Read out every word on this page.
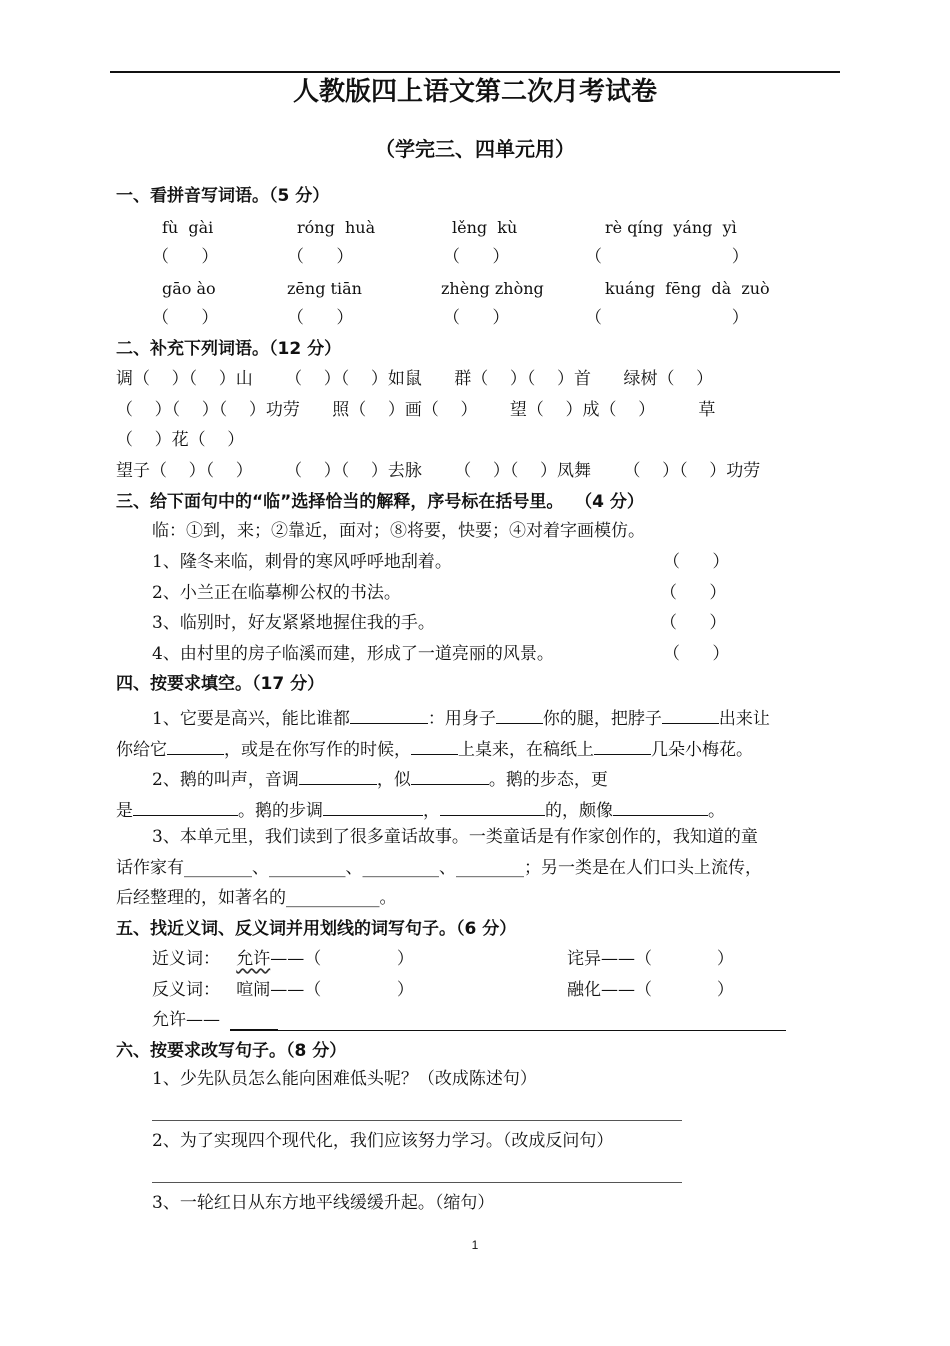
人教版四上语文第二次月考试卷
（学完三、四单元用）
一、看拼音写词语。（5 分）
fù  gài	róng  huà	lěng  kù	rè qíng  yáng  yì
（      ）	（      ）	（      ）	（                        ）
gāo ào	zēng tiān	zhèng zhòng	kuáng  fēng  dà  zuò
（      ）	（      ）	（      ）	（                        ）
二、补充下列词语。（12 分）
调（    ）（    ）山      （    ）（    ）如鼠      群（    ）（    ）首      绿树（    ）
（    ）（    ）（    ）功劳      照（    ）画（    ）      望（    ）成（    ）        草
（    ）花（    ）
望子（    ）（    ）      （    ）（    ）去脉      （    ）（    ）凤舞      （    ）（    ）功劳
三、给下面句中的“临”选择恰当的解释，序号标在括号里。  （4 分）
临：①到，来；②靠近，面对；⑧将要，快要；④对着字画模仿。
1、隆冬来临，刺骨的寒风呼呼地刮着。	（      ）
2、小兰正在临摹柳公权的书法。	（      ）
3、临别时，好友紧紧地握住我的手。	（      ）
4、由村里的房子临溪而建，形成了一道亮丽的风景。	（      ）
四、按要求填空。（17 分）
1、它要是高兴，能比谁都	：用身子	你的腿，把脖子	出来让
你给它	，或是在你写作的时候，	上桌来，在稿纸上	几朵小梅花。
2、鹅的叫声，音调	，似	。鹅的步态，更
是	。鹅的步调	，	的，颇像	。
3、本单元里，我们读到了很多童话故事。一类童话是有作家创作的，我知道的童
话作家有________、_________、_________、________；另一类是在人们口头上流传，
后经整理的，如著名的___________。
五、找近义词、反义词并用划线的词写句子。（6 分）
近义词： 允许——（              ）	诧异——（            ）
反义词： 喧闹——（              ）	融化——（            ）
允许——
六、按要求改写句子。（8 分）
1、少先队员怎么能向困难低头呢？（改成陈述句）
2、为了实现四个现代化，我们应该努力学习。（改成反问句）
3、一轮红日从东方地平线缓缓升起。（缩句）
1
